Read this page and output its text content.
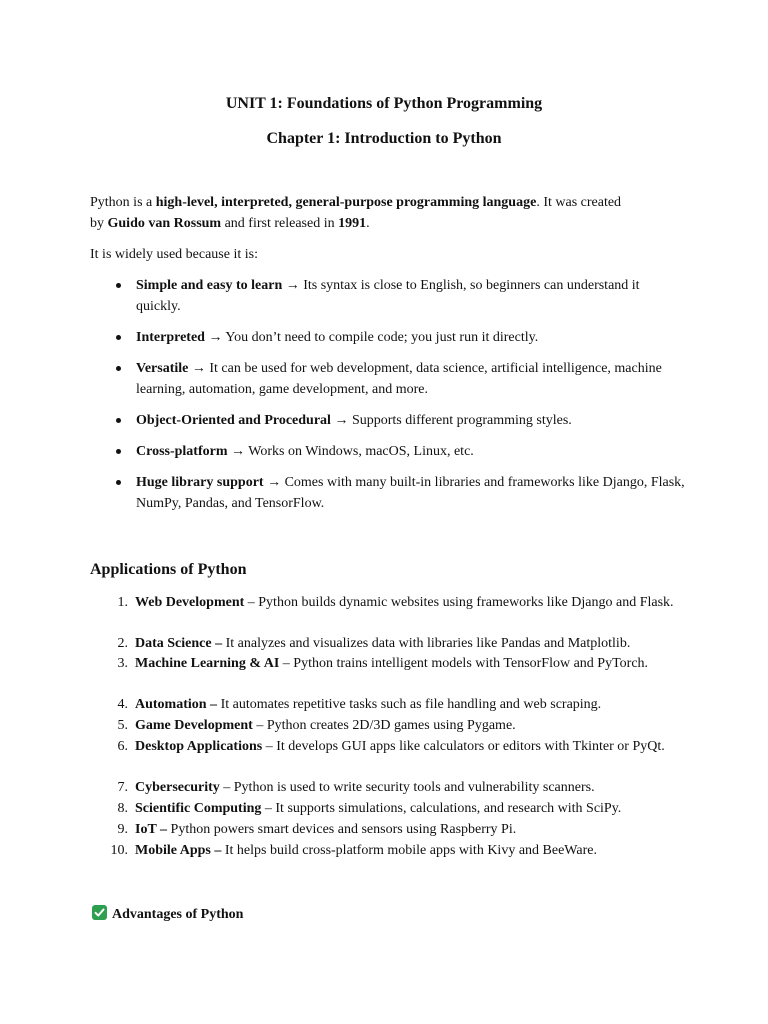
UNIT 1: Foundations of Python Programming
Chapter 1: Introduction to Python
Python is a high-level, interpreted, general-purpose programming language. It was created
by Guido van Rossum and first released in 1991.
It is widely used because it is:
Simple and easy to learn → Its syntax is close to English, so beginners can understand it quickly.
Interpreted → You don’t need to compile code; you just run it directly.
Versatile → It can be used for web development, data science, artificial intelligence, machine learning, automation, game development, and more.
Object-Oriented and Procedural → Supports different programming styles.
Cross-platform → Works on Windows, macOS, Linux, etc.
Huge library support → Comes with many built-in libraries and frameworks like Django, Flask, NumPy, Pandas, and TensorFlow.
Applications of Python
1. Web Development – Python builds dynamic websites using frameworks like Django and Flask.
2. Data Science – It analyzes and visualizes data with libraries like Pandas and Matplotlib.
3. Machine Learning & AI – Python trains intelligent models with TensorFlow and PyTorch.
4. Automation – It automates repetitive tasks such as file handling and web scraping.
5. Game Development – Python creates 2D/3D games using Pygame.
6. Desktop Applications – It develops GUI apps like calculators or editors with Tkinter or PyQt.
7. Cybersecurity – Python is used to write security tools and vulnerability scanners.
8. Scientific Computing – It supports simulations, calculations, and research with SciPy.
9. IoT – Python powers smart devices and sensors using Raspberry Pi.
10. Mobile Apps – It helps build cross-platform mobile apps with Kivy and BeeWare.
Advantages of Python
